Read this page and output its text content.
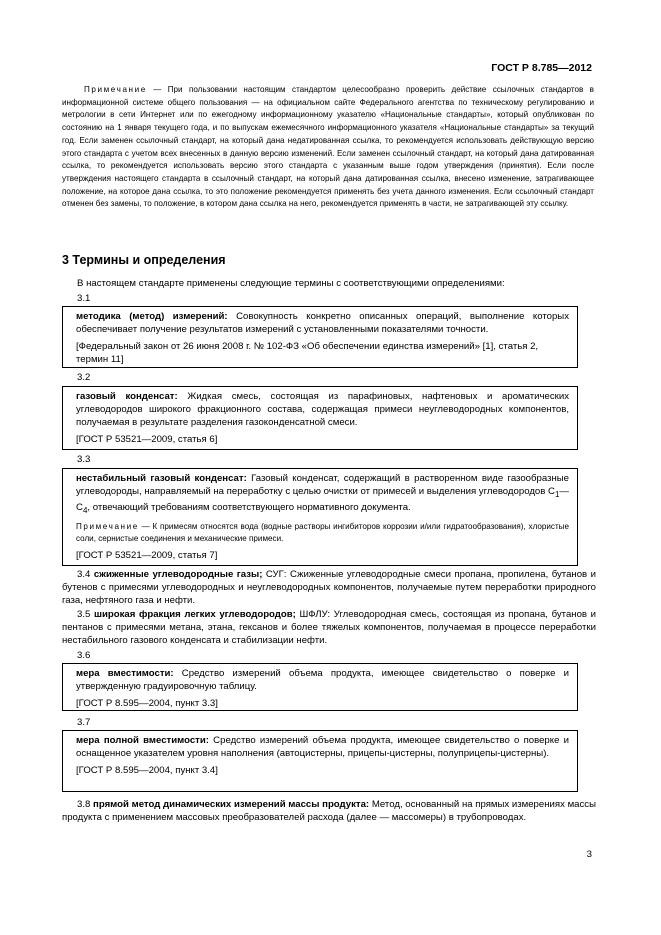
ГОСТ Р 8.785—2012
Примечание — При пользовании настоящим стандартом целесообразно проверить действие ссылочных стандартов в информационной системе общего пользования — на официальном сайте Федерального агентства по техническому регулированию и метрологии в сети Интернет или по ежегодному информационному указателю «Национальные стандарты», который опубликован по состоянию на 1 января текущего года, и по выпускам ежемесячного информационного указателя «Национальные стандарты» за текущий год. Если заменен ссылочный стандарт, на который дана недатированная ссылка, то рекомендуется использовать действующую версию этого стандарта с учетом всех внесенных в данную версию изменений. Если заменен ссылочный стандарт, на который дана датированная ссылка, то рекомендуется использовать версию этого стандарта с указанным выше годом утверждения (принятия). Если после утверждения настоящего стандарта в ссылочный стандарт, на который дана датированная ссылка, внесено изменение, затрагивающее положение, на которое дана ссылка, то это положение рекомендуется применять без учета данного изменения. Если ссылочный стандарт отменен без замены, то положение, в котором дана ссылка на него, рекомендуется применять в части, не затрагивающей эту ссылку.
3 Термины и определения
В настоящем стандарте применены следующие термины с соответствующими определениями:
3.1

методика (метод) измерений: Совокупность конкретно описанных операций, выполнение которых обеспечивает получение результатов измерений с установленными показателями точности.

[Федеральный закон от 26 июня 2008 г. № 102-ФЗ «Об обеспечении единства измерений» [1], статья 2, термин 11]

3.2

газовый конденсат: Жидкая смесь, состоящая из парафиновых, нафтеновых и ароматических углеводородов широкого фракционного состава, содержащая примеси неуглеводородных компонентов, получаемая в результате разделения газоконденсатной смеси.

[ГОСТ Р 53521—2009, статья 6]

3.3

нестабильный газовый конденсат: Газовый конденсат, содержащий в растворенном виде газообразные углеводороды, направляемый на переработку с целью очистки от примесей и выделения углеводородов $С_1—С_4$, отвечающий требованиям соответствующего нормативного документа.

Примечание — К примесям относятся вода (водные растворы ингибиторов коррозии и/или гидратообразования), хлористые соли, сернистые соединения и механические примеси.

[ГОСТ Р 53521—2009, статья 7]

3.4 сжиженные углеводородные газы; СУГ: Сжиженные углеводородные смеси пропана, пропилена, бутанов и бутенов с примесями углеводородных и неуглеводородных компонентов, получаемые путем переработки природного газа, нефтяного газа и нефти.
3.5 широкая фракция легких углеводородов; ШФЛУ: Углеводородная смесь, состоящая из пропана, бутанов и пентанов с примесями метана, этана, гексанов и более тяжелых компонентов, получаемая в процессе переработки нестабильного газового конденсата и стабилизации нефти.
3.6

мера вместимости: Средство измерений объема продукта, имеющее свидетельство о поверке и утвержденную градуировочную таблицу.

[ГОСТ Р 8.595—2004, пункт 3.3]

3.7

мера полной вместимости: Средство измерений объема продукта, имеющее свидетельство о поверке и оснащенное указателем уровня наполнения (автоцистерны, прицепы-цистерны, полуприцепы-цистерны).

[ГОСТ Р 8.595—2004, пункт 3.4]

3.8 прямой метод динамических измерений массы продукта: Метод, основанный на прямых измерениях массы продукта с применением массовых преобразователей расхода (далее — массомеры) в трубопроводах.
3
